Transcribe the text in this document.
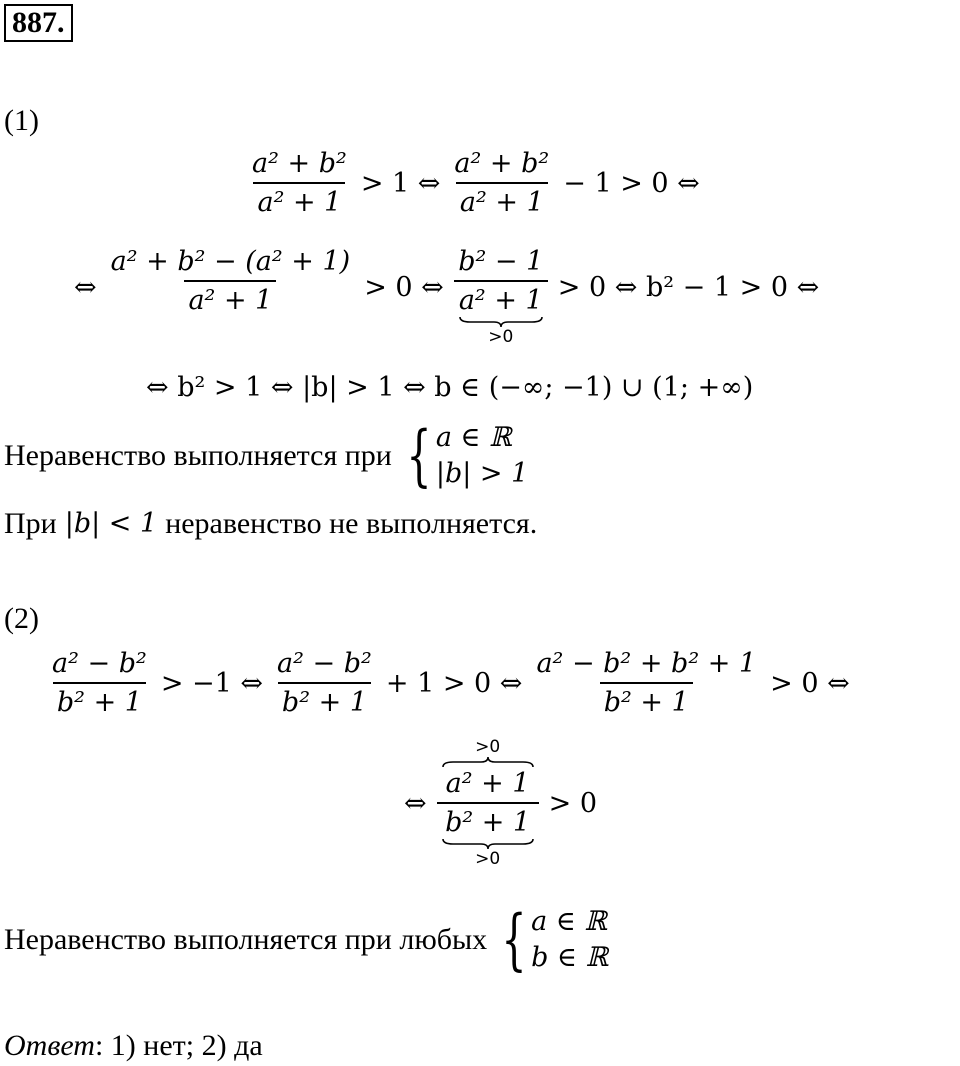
887.
(1)
$\frac{\text{a² + b²}}{\text{a² + 1}} > 1$ ⇔ $\frac{\text{a² + b²}}{\text{a² + 1}} - 1 > 0$ ⇔
⇔ $\frac{\text{a² + b² − (a² + 1)}}{\text{a² + 1}} > 0$ ⇔ b² − 1
a² + 1
>0 > 0 ⇔ b² − 1 > 0 ⇔
⇔ b² > 1 ⇔ |b| > 1 ⇔ b ∈ (−∞; −1) ∪ (1; +∞)
Неравенство выполняется при { a ∈ ℝ
|b| > 1
При |b| < 1 неравенство не выполняется.
(2)
$\frac{\text{a² − b²}}{\text{b² + 1}} > -1$ ⇔ $\frac{\text{a² − b²}}{\text{b² + 1}} + 1 > 0$ ⇔ $\frac{\text{a² − b² + b² + 1}}{\text{b² + 1}} > 0$ ⇔
⇔ >0
a² + 1
b² + 1
>0 > 0
Неравенство выполняется при любых { a ∈ ℝ
b ∈ ℝ
Ответ : 1) нет; 2) да
